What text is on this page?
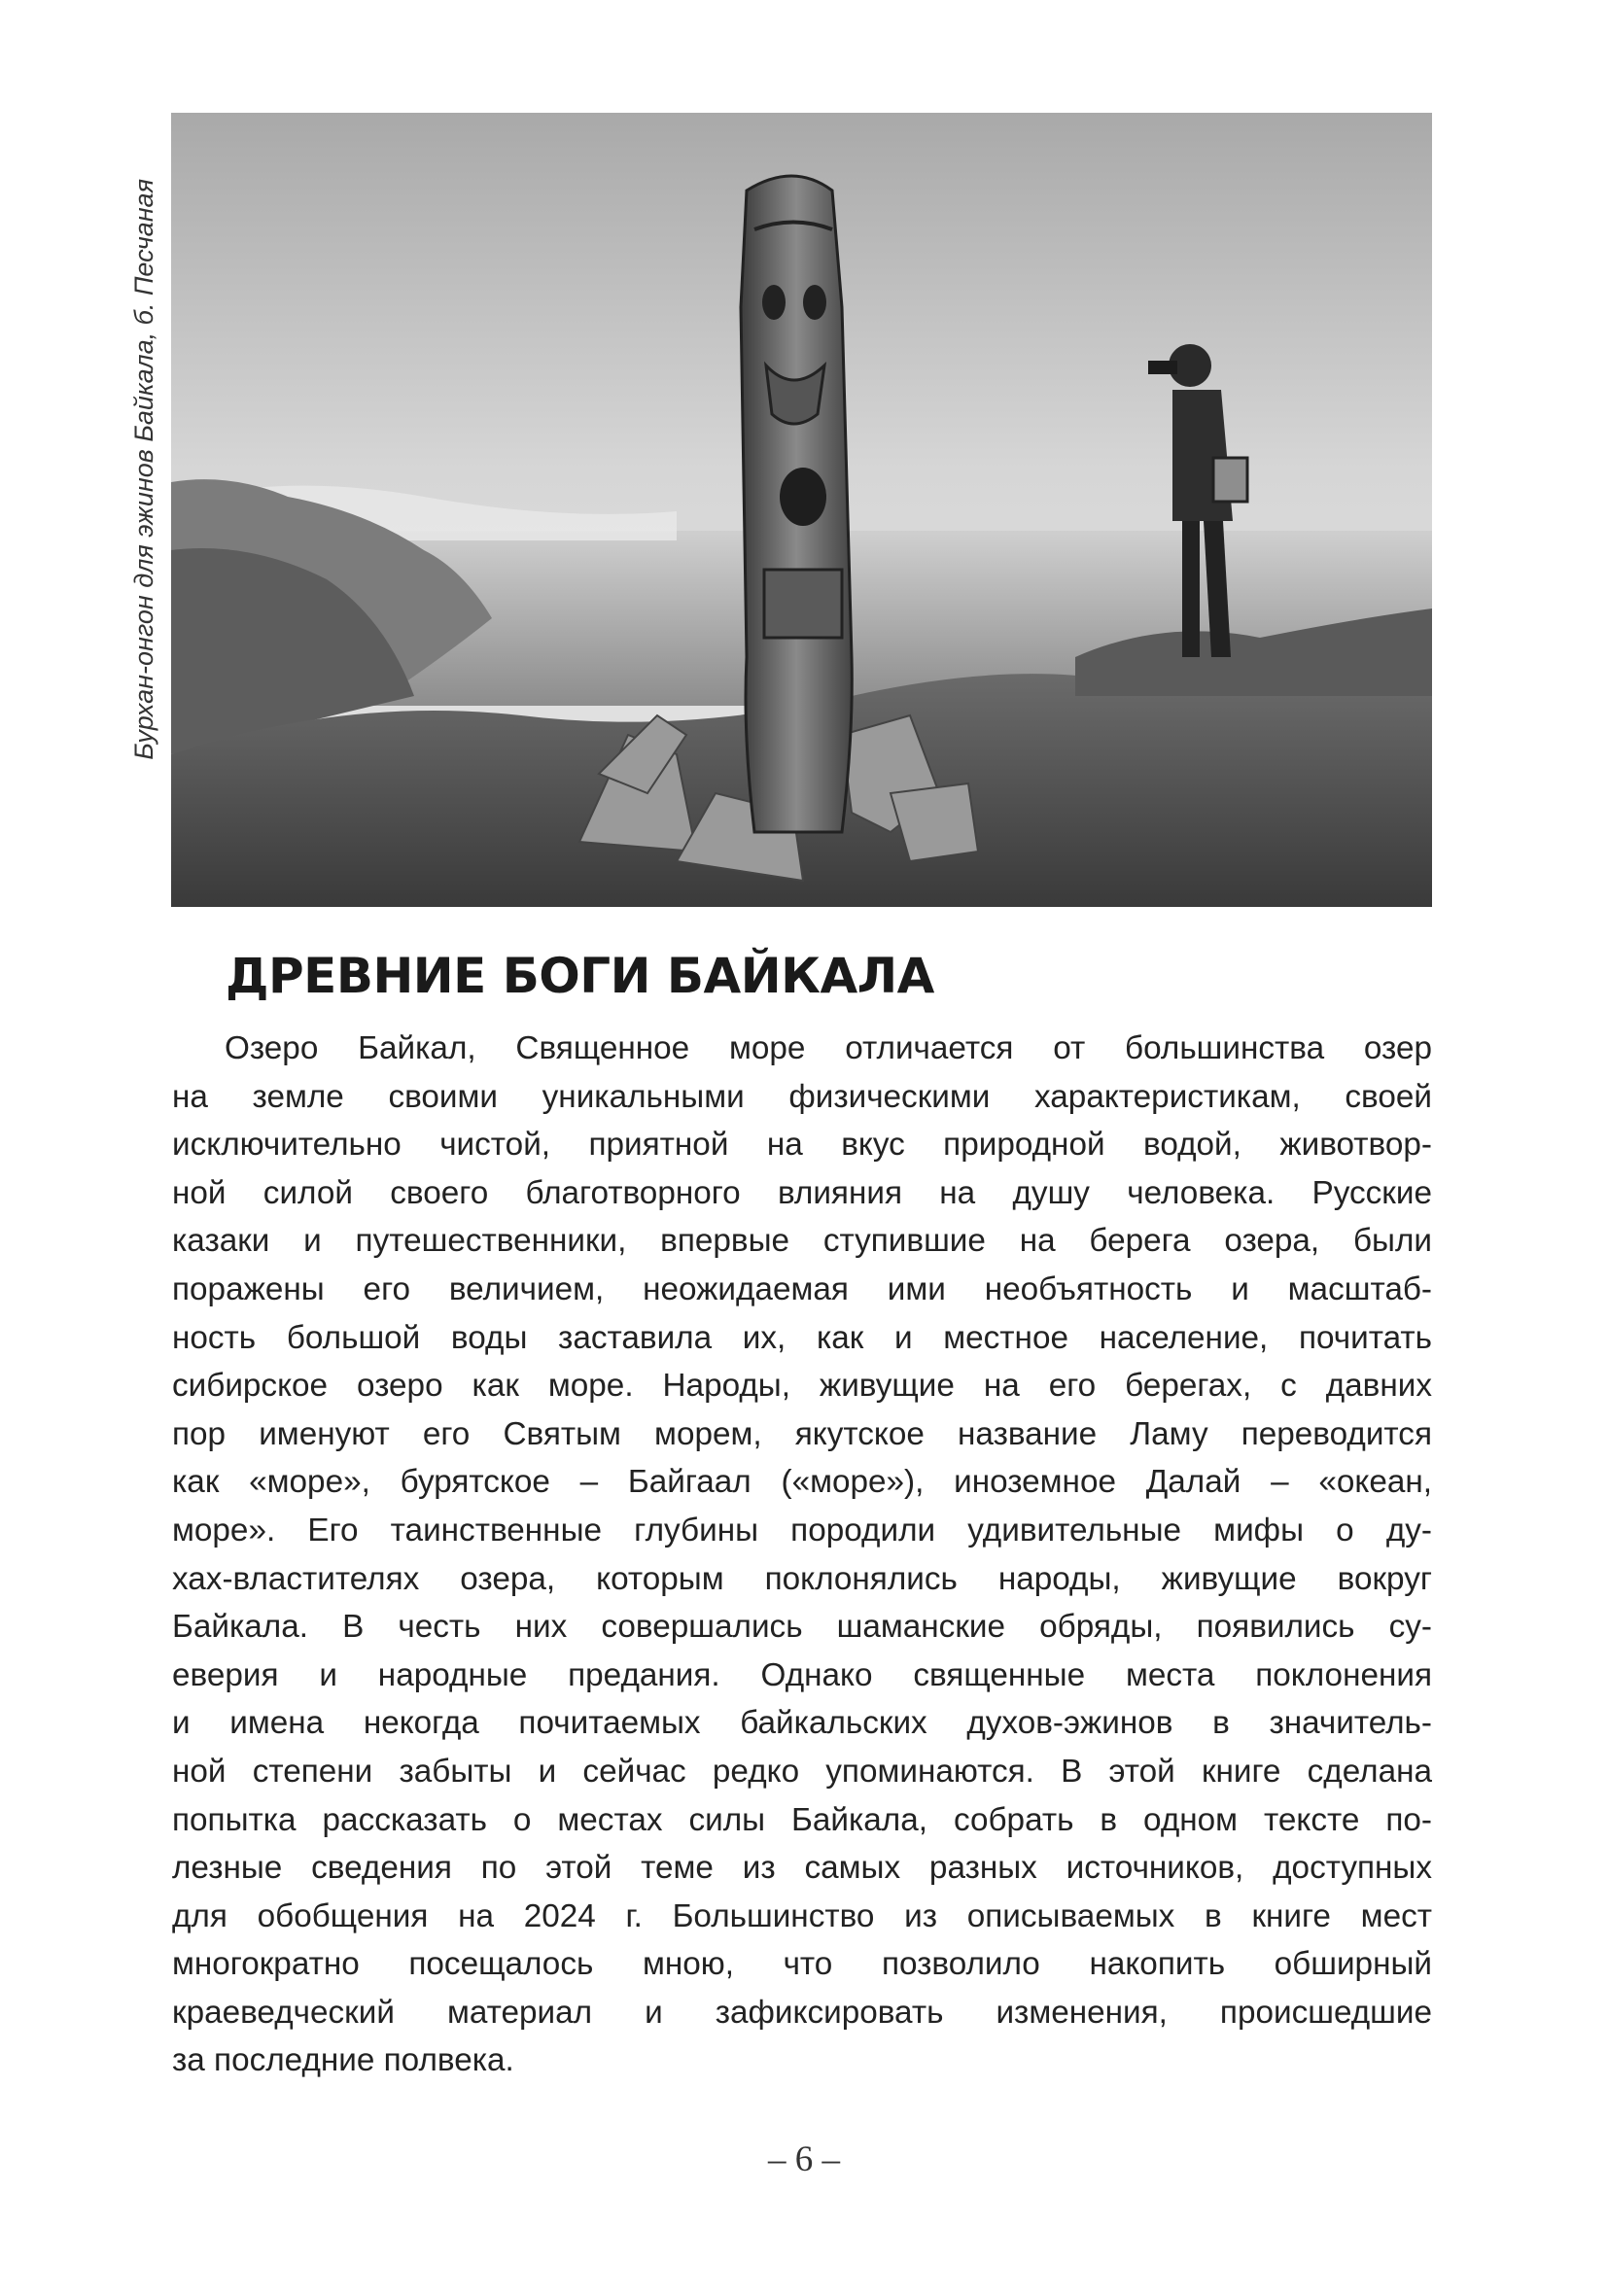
Бурхан-онгон для эжинов Байкала, б. Песчаная
ДРЕВНИЕ БОГИ БАЙКАЛА
Озеро Байкал, Священное море отличается от большинства озер
на земле своими уникальными физическими характеристикам, своей
исключительно чистой, приятной на вкус природной водой, животвор-
ной силой своего благотворного влияния на душу человека. Русские
казаки и путешественники, впервые ступившие на берега озера, были
поражены его величием, неожидаемая ими необъятность и масштаб-
ность большой воды заставила их, как и местное население, почитать
сибирское озеро как море. Народы, живущие на его берегах, с давних
пор именуют его Святым морем, якутское название Ламу переводится
как «море», бурятское – Байгаал («море»), иноземное Далай – «океан,
море». Его таинственные глубины породили удивительные мифы о ду-
хах-властителях озера, которым поклонялись народы, живущие вокруг
Байкала. В честь них совершались шаманские обряды, появились су-
еверия и народные предания. Однако священные места поклонения
и имена некогда почитаемых байкальских духов-эжинов в значитель-
ной степени забыты и сейчас редко упоминаются. В этой книге сделана
попытка рассказать о местах силы Байкала, собрать в одном тексте по-
лезные сведения по этой теме из самых разных источников, доступных
для обобщения на 2024 г. Большинство из описываемых в книге мест
многократно посещалось мною, что позволило накопить обширный
краеведческий материал и зафиксировать изменения, происшедшие
за последние полвека.
– 6 –
